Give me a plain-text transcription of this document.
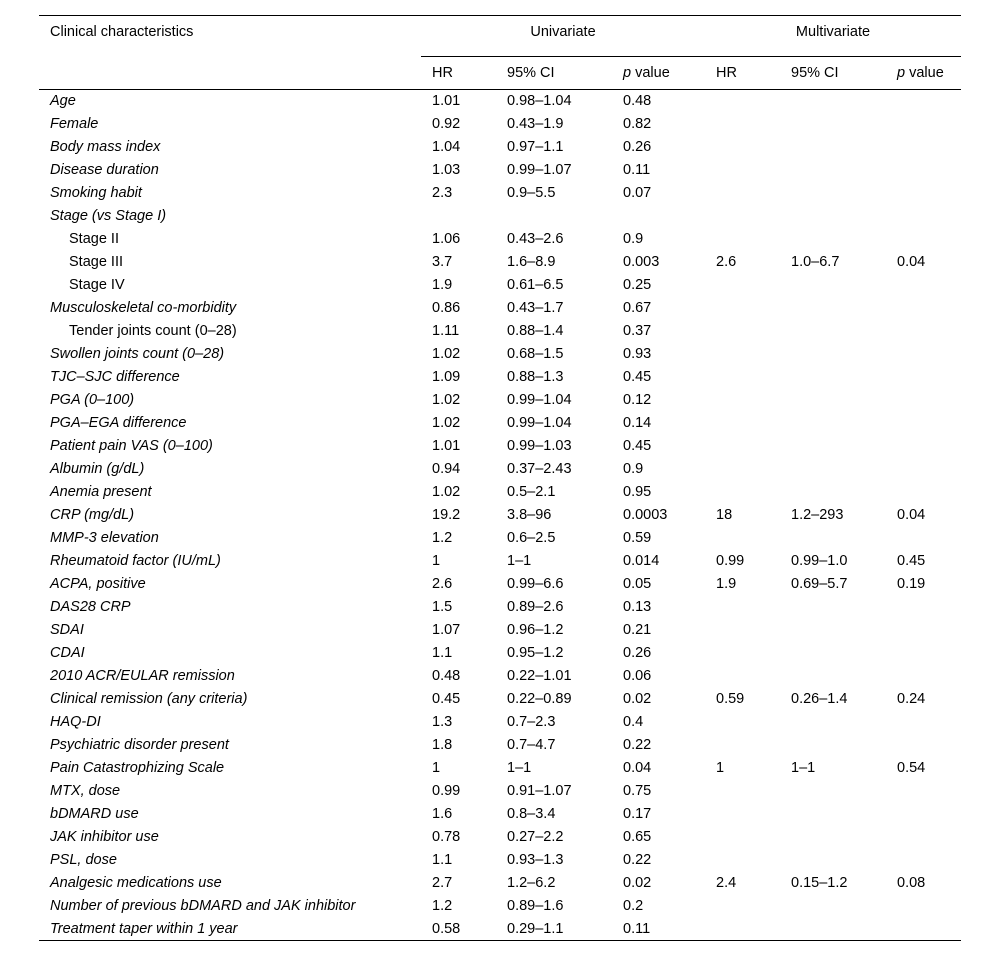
Clinical characteristics	Univariate			Multivariate		
	HR	95% CI	p value	HR	95% CI	p value
Age	1.01	0.98–1.04	0.48			
Female	0.92	0.43–1.9	0.82			
Body mass index	1.04	0.97–1.1	0.26			
Disease duration	1.03	0.99–1.07	0.11			
Smoking habit	2.3	0.9–5.5	0.07			
Stage (vs Stage I)						
Stage II	1.06	0.43–2.6	0.9			
Stage III	3.7	1.6–8.9	0.003	2.6	1.0–6.7	0.04
Stage IV	1.9	0.61–6.5	0.25			
Musculoskeletal co-morbidity	0.86	0.43–1.7	0.67			
Tender joints count (0–28)	1.11	0.88–1.4	0.37			
Swollen joints count (0–28)	1.02	0.68–1.5	0.93			
TJC–SJC difference	1.09	0.88–1.3	0.45			
PGA (0–100)	1.02	0.99–1.04	0.12			
PGA–EGA difference	1.02	0.99–1.04	0.14			
Patient pain VAS (0–100)	1.01	0.99–1.03	0.45			
Albumin (g/dL)	0.94	0.37–2.43	0.9			
Anemia present	1.02	0.5–2.1	0.95			
CRP (mg/dL)	19.2	3.8–96	0.0003	18	1.2–293	0.04
MMP-3 elevation	1.2	0.6–2.5	0.59			
Rheumatoid factor (IU/mL)	1	1–1	0.014	0.99	0.99–1.0	0.45
ACPA, positive	2.6	0.99–6.6	0.05	1.9	0.69–5.7	0.19
DAS28 CRP	1.5	0.89–2.6	0.13			
SDAI	1.07	0.96–1.2	0.21			
CDAI	1.1	0.95–1.2	0.26			
2010 ACR/EULAR remission	0.48	0.22–1.01	0.06			
Clinical remission (any criteria)	0.45	0.22–0.89	0.02	0.59	0.26–1.4	0.24
HAQ-DI	1.3	0.7–2.3	0.4			
Psychiatric disorder present	1.8	0.7–4.7	0.22			
Pain Catastrophizing Scale	1	1–1	0.04	1	1–1	0.54
MTX, dose	0.99	0.91–1.07	0.75			
bDMARD use	1.6	0.8–3.4	0.17			
JAK inhibitor use	0.78	0.27–2.2	0.65			
PSL, dose	1.1	0.93–1.3	0.22			
Analgesic medications use	2.7	1.2–6.2	0.02	2.4	0.15–1.2	0.08
Number of previous bDMARD and JAK inhibitor	1.2	0.89–1.6	0.2			
Treatment taper within 1 year	0.58	0.29–1.1	0.11			
